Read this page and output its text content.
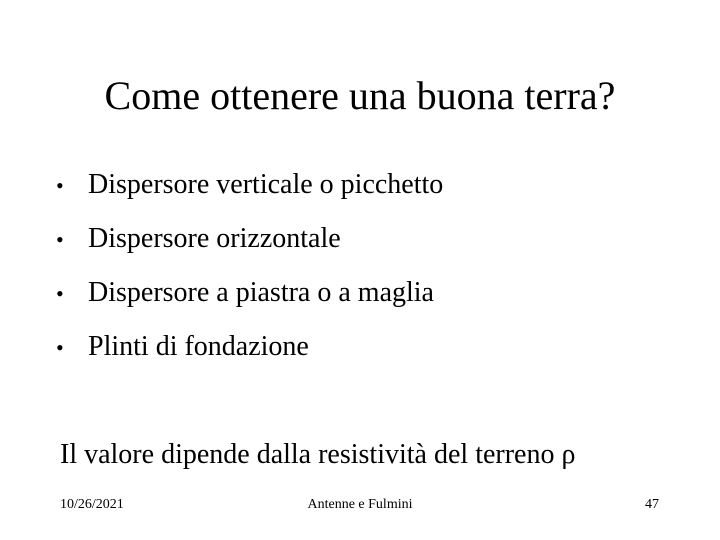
Come ottenere una buona terra?
• Dispersore verticale o picchetto
• Dispersore orizzontale
• Dispersore a piastra o a maglia
• Plinti di fondazione
Il valore dipende dalla resistività del terreno ρ
10/26/2021	Antenne e Fulmini	47
